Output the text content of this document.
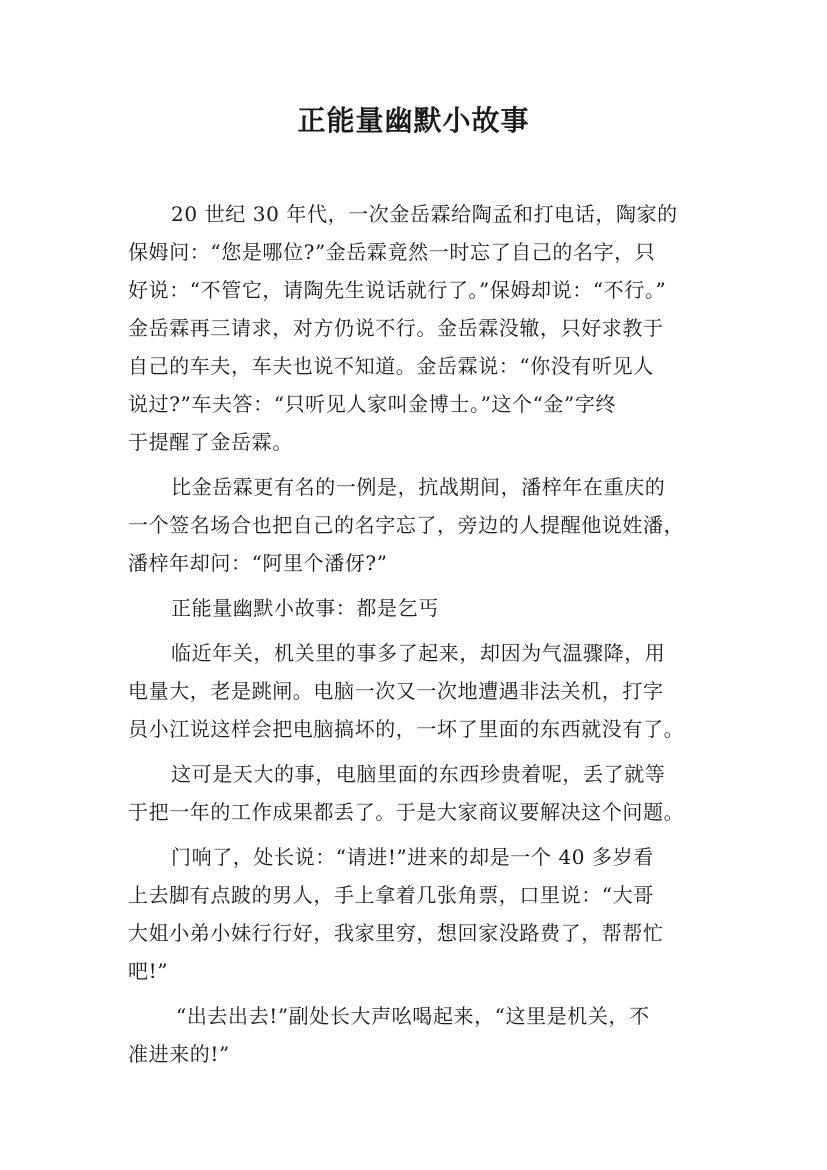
正能量幽默小故事
20 世纪 30 年代，一次金岳霖给陶孟和打电话，陶家的
保姆问：“您是哪位?”金岳霖竟然一时忘了自己的名字，只
好说：“不管它，请陶先生说话就行了。”保姆却说：“不行。”
金岳霖再三请求，对方仍说不行。金岳霖没辙，只好求教于
自己的车夫，车夫也说不知道。金岳霖说：“你没有听见人
说过?”车夫答：“只听见人家叫金博士。”这个“金”字终
于提醒了金岳霖。
比金岳霖更有名的一例是，抗战期间，潘梓年在重庆的
一个签名场合也把自己的名字忘了，旁边的人提醒他说姓潘，
潘梓年却问：“阿里个潘伢?”
正能量幽默小故事：都是乞丐
临近年关，机关里的事多了起来，却因为气温骤降，用
电量大，老是跳闸。电脑一次又一次地遭遇非法关机，打字
员小江说这样会把电脑搞坏的，一坏了里面的东西就没有了。
这可是天大的事，电脑里面的东西珍贵着呢，丢了就等
于把一年的工作成果都丢了。于是大家商议要解决这个问题。
门响了，处长说：“请进!”进来的却是一个 40 多岁看
上去脚有点跛的男人，手上拿着几张角票，口里说：“大哥
大姐小弟小妹行行好，我家里穷，想回家没路费了，帮帮忙
吧!”
“出去出去!”副处长大声吆喝起来，“这里是机关，不
准进来的!”
